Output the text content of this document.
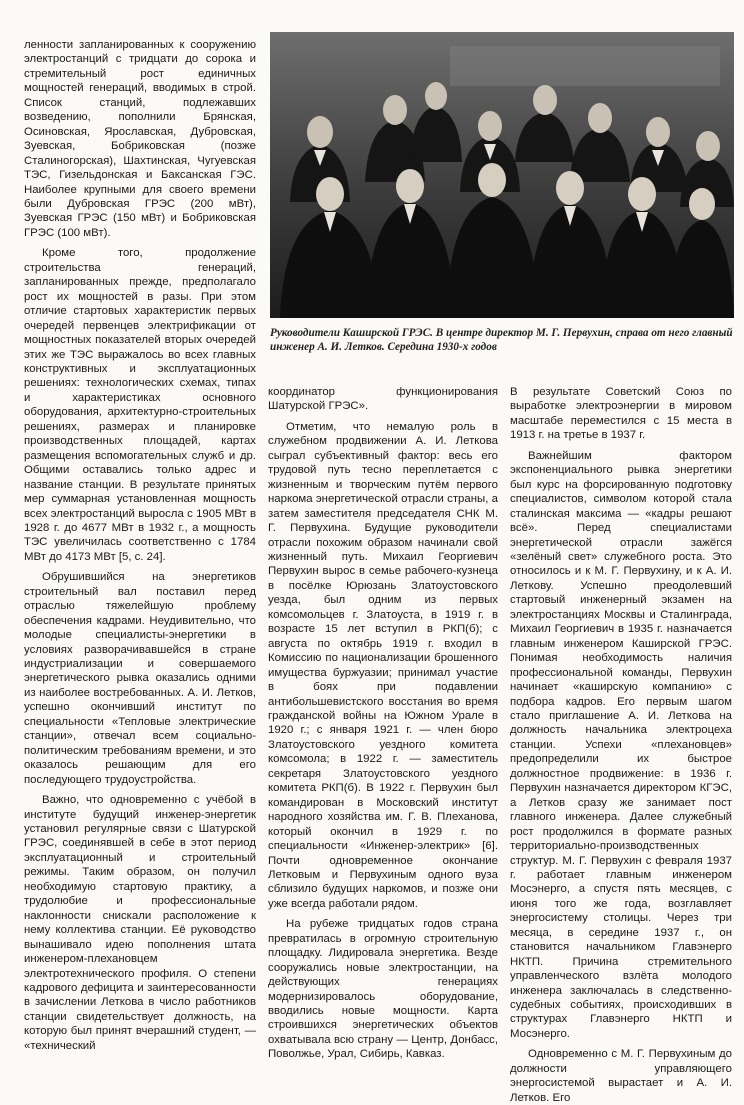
ленности запланированных к сооружению электростанций с тридцати до сорока и стремительный рост единичных мощностей генераций, вводимых в строй. Список станций, подлежавших возведению, пополнили Брянская, Осиновская, Ярославская, Дубровская, Зуевская, Бобриковская (позже Сталиногорская), Шахтинская, Чугуевская ТЭС, Гизельдонская и Баксанская ГЭС. Наиболее крупными для своего времени были Дубровская ГРЭС (200 мВт), Зуевская ГРЭС (150 мВт) и Бобриковская ГРЭС (100 мВт).

Кроме того, продолжение строительства генераций, запланированных прежде, предполагало рост их мощностей в разы. При этом отличие стартовых характеристик первых очередей первенцев электрификации от мощностных показателей вторых очередей этих же ТЭС выражалось во всех главных конструктивных и эксплуатационных решениях: технологических схемах, типах и характеристиках основного оборудования, архитектурно-строительных решениях, размерах и планировке производственных площадей, картах размещения вспомогательных служб и др. Общими оставались только адрес и название станции. В результате принятых мер суммарная установленная мощность всех электростанций выросла с 1905 МВт в 1928 г. до 4677 МВт в 1932 г., а мощность ТЭС увеличилась соответственно с 1784 МВт до 4173 МВт [5, с. 24].

Обрушившийся на энергетиков строительный вал поставил перед отраслью тяжелейшую проблему обеспечения кадрами. Неудивительно, что молодые специалисты-энергетики в условиях разворачивавшейся в стране индустриализации и совершаемого энергетического рывка оказались одними из наиболее востребованных. А. И. Летков, успешно окончивший институт по специальности «Тепловые электрические станции», отвечал всем социально-политическим требованиям времени, и это оказалось решающим для его последующего трудоустройства.

Важно, что одновременно с учёбой в институте будущий инженер-энергетик установил регулярные связи с Шатурской ГРЭС, соединявшей в себе в этот период эксплуатационный и строительный режимы. Таким образом, он получил необходимую стартовую практику, а трудолюбие и профессиональные наклонности снискали расположение к нему коллектива станции. Её руководство вынашивало идею пополнения штата инженером-плехановцем электротехнического профиля. О степени кадрового дефицита и заинтересованности в зачислении Леткова в число работников станции свидетельствует должность, на которую был принят вчерашний студент, — «технический

Руководители Каширской ГРЭС. В центре директор М. Г. Первухин, справа от него главный инженер А. И. Летков. Середина 1930-х годов

координатор функционирования Шатурской ГРЭС».

Отметим, что немалую роль в служебном продвижении А. И. Леткова сыграл субъективный фактор: весь его трудовой путь тесно переплетается с жизненным и творческим путём первого наркома энергетической отрасли страны, а затем заместителя председателя СНК М. Г. Первухина. Будущие руководители отрасли похожим образом начинали свой жизненный путь. Михаил Георгиевич Первухин вырос в семье рабочего-кузнеца в посёлке Юрюзань Златоустовского уезда, был одним из первых комсомольцев г. Златоуста, в 1919 г. в возрасте 15 лет вступил в РКП(б); с августа по октябрь 1919 г. входил в Комиссию по национализации брошенного имущества буржуазии; принимал участие в боях при подавлении антибольшевистского восстания во время гражданской войны на Южном Урале в 1920 г.; с января 1921 г. — член бюро Златоустовского уездного комитета комсомола; в 1922 г. — заместитель секретаря Златоустовского уездного комитета РКП(б). В 1922 г. Первухин был командирован в Московский институт народного хозяйства им. Г. В. Плеханова, который окончил в 1929 г. по специальности «Инженер-электрик» [6]. Почти одновременное окончание Летковым и Первухиным одного вуза сблизило будущих наркомов, и позже они уже всегда работали рядом.

На рубеже тридцатых годов страна превратилась в огромную строительную площадку. Лидировала энергетика. Везде сооружались новые электростанции, на действующих генерациях модернизировалось оборудование, вводились новые мощности. Карта строившихся энергетических объектов охватывала всю страну — Центр, Донбасс, Поволжье, Урал, Сибирь, Кавказ.

В результате Советский Союз по выработке электроэнергии в мировом масштабе переместился с 15 места в 1913 г. на третье в 1937 г.

Важнейшим фактором экспоненциального рывка энергетики был курс на форсированную подготовку специалистов, символом которой стала сталинская максима — «кадры решают всё». Перед специалистами энергетической отрасли зажёгся «зелёный свет» служебного роста. Это относилось и к М. Г. Первухину, и к А. И. Леткову. Успешно преодолевший стартовый инженерный экзамен на электростанциях Москвы и Сталинграда, Михаил Георгиевич в 1935 г. назначается главным инженером Каширской ГРЭС. Понимая необходимость наличия профессиональной команды, Первухин начинает «каширскую компанию» с подбора кадров. Его первым шагом стало приглашение А. И. Леткова на должность начальника электроцеха станции. Успехи «плехановцев» предопределили их быстрое должностное продвижение: в 1936 г. Первухин назначается директором КГЭС, а Летков сразу же занимает пост главного инженера. Далее служебный рост продолжился в формате разных территориально-производственных структур. М. Г. Первухин с февраля 1937 г. работает главным инженером Мосэнерго, а спустя пять месяцев, с июня того же года, возглавляет энергосистему столицы. Через три месяца, в середине 1937 г., он становится начальником Главэнерго НКТП. Причина стремительного управленческого взлёта молодого инженера заключалась в следственно-судебных событиях, происходивших в структурах Главэнерго НКТП и Мосэнерго.

Одновременно с М. Г. Первухиным до должности управляющего энергосистемой вырастает и А. И. Летков. Его
